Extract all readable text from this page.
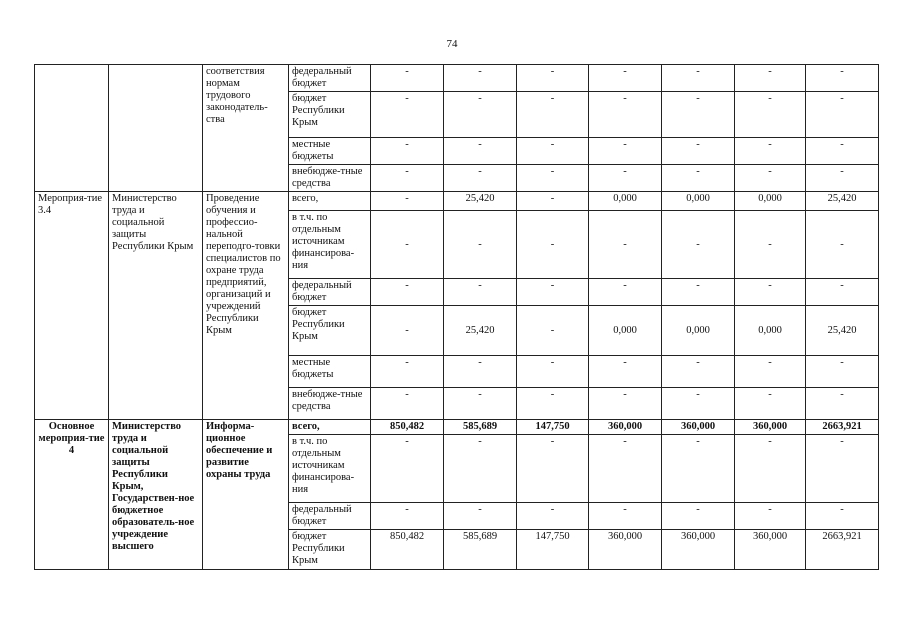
74
		соответствия нормам трудового законодатель-ства	федеральный бюджет	-	-	-	-	-	-	-
			бюджет Республики Крым	-	-	-	-	-	-	-
			местные бюджеты	-	-	-	-	-	-	-
			внебюдже-тные средства	-	-	-	-	-	-	-
Мероприя-тие 3.4	Министерство труда и социальной защиты Республики Крым	Проведение обучения и профессио-нальной переподго-товки специалистов по охране труда предприятий, организаций и учреждений Республики Крым	всего,	-	25,420	-	0,000	0,000	0,000	25,420
			в т.ч. по отдельным источникам финансирова-ния	-	-	-	-	-	-	-
			федеральный бюджет	-	-	-	-	-	-	-
			бюджет Республики Крым	-	25,420	-	0,000	0,000	0,000	25,420
			местные бюджеты	-	-	-	-	-	-	-
			внебюдже-тные средства	-	-	-	-	-	-	-
Основное мероприя-тие 4	Министерство труда и социальной защиты Республики Крым, Государствен-ное бюджетное образователь-ное учреждение высшего	Информа-ционное обеспечение и развитие охраны труда	всего,	850,482	585,689	147,750	360,000	360,000	360,000	2663,921
			в т.ч. по отдельным источникам финансирова-ния	-	-	-	-	-	-	-
			федеральный бюджет	-	-	-	-	-	-	-
			бюджет Республики Крым	850,482	585,689	147,750	360,000	360,000	360,000	2663,921
